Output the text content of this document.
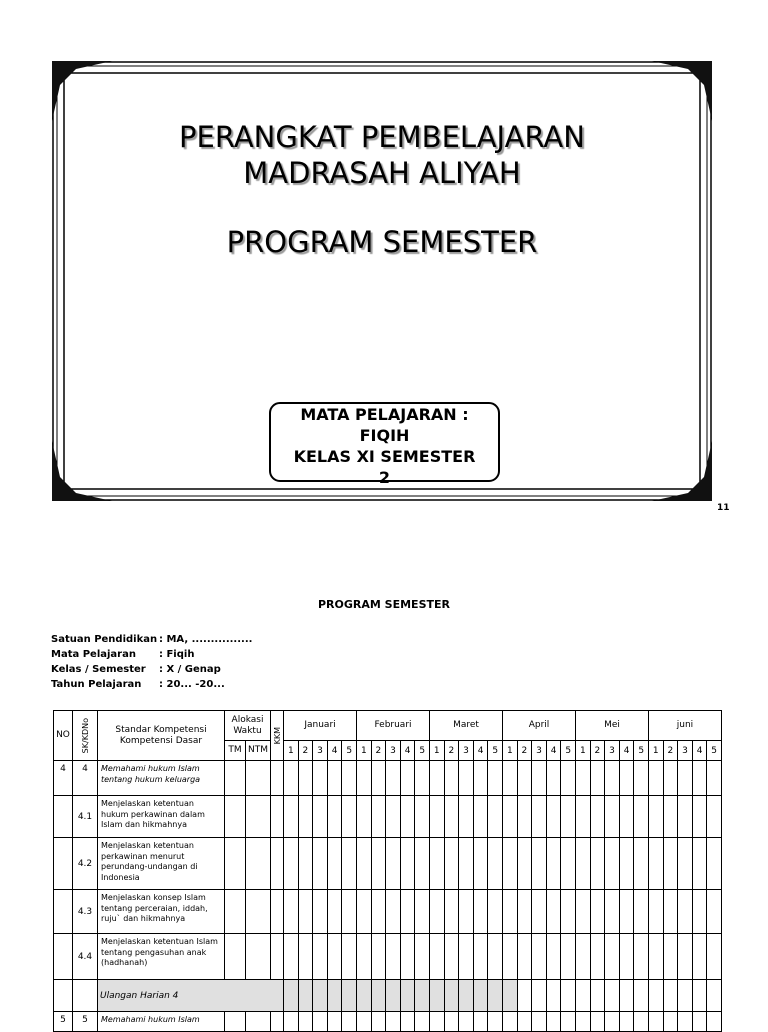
PERANGKAT PEMBELAJARAN
MADRASAH ALIYAH
PROGRAM SEMESTER
MATA PELAJARAN :
FIQIH
KELAS XI SEMESTER
2
11
PROGRAM SEMESTER
Satuan Pendidikan : MA, ................
Mata Pelajaran	: Fiqih
Kelas / Semester	: X / Genap
Tahun Pelajaran	: 20... -20...
NO	SK/KDNo	Standar Kompetensi Kompetensi Dasar	Alokasi Waktu		KKM	Januari					Februari					Maret					April					Mei					juni					
			TM	NTM		1	2	3	4	5	1	2	3	4	5	1	2	3	4	5	1	2	3	4	5	1	2	3	4	5	1	2	3	4	5	
4	4	Memahami hukum Islam tentang hukum keluarga																																		
	4.1	Menjelaskan ketentuan hukum perkawinan dalam Islam dan hikmahnya																																		
	4.2	Menjelaskan ketentuan perkawinan menurut perundang-undangan di Indonesia																																		
	4.3	Menjelaskan konsep Islam tentang perceraian, iddah, ruju` dan hikmahnya																																		
	4.4	Menjelaskan ketentuan Islam tentang pengasuhan anak (hadhanah)																																		
		Ulangan Harian 4																																		
5	5	Memahami hukum Islam																																		
